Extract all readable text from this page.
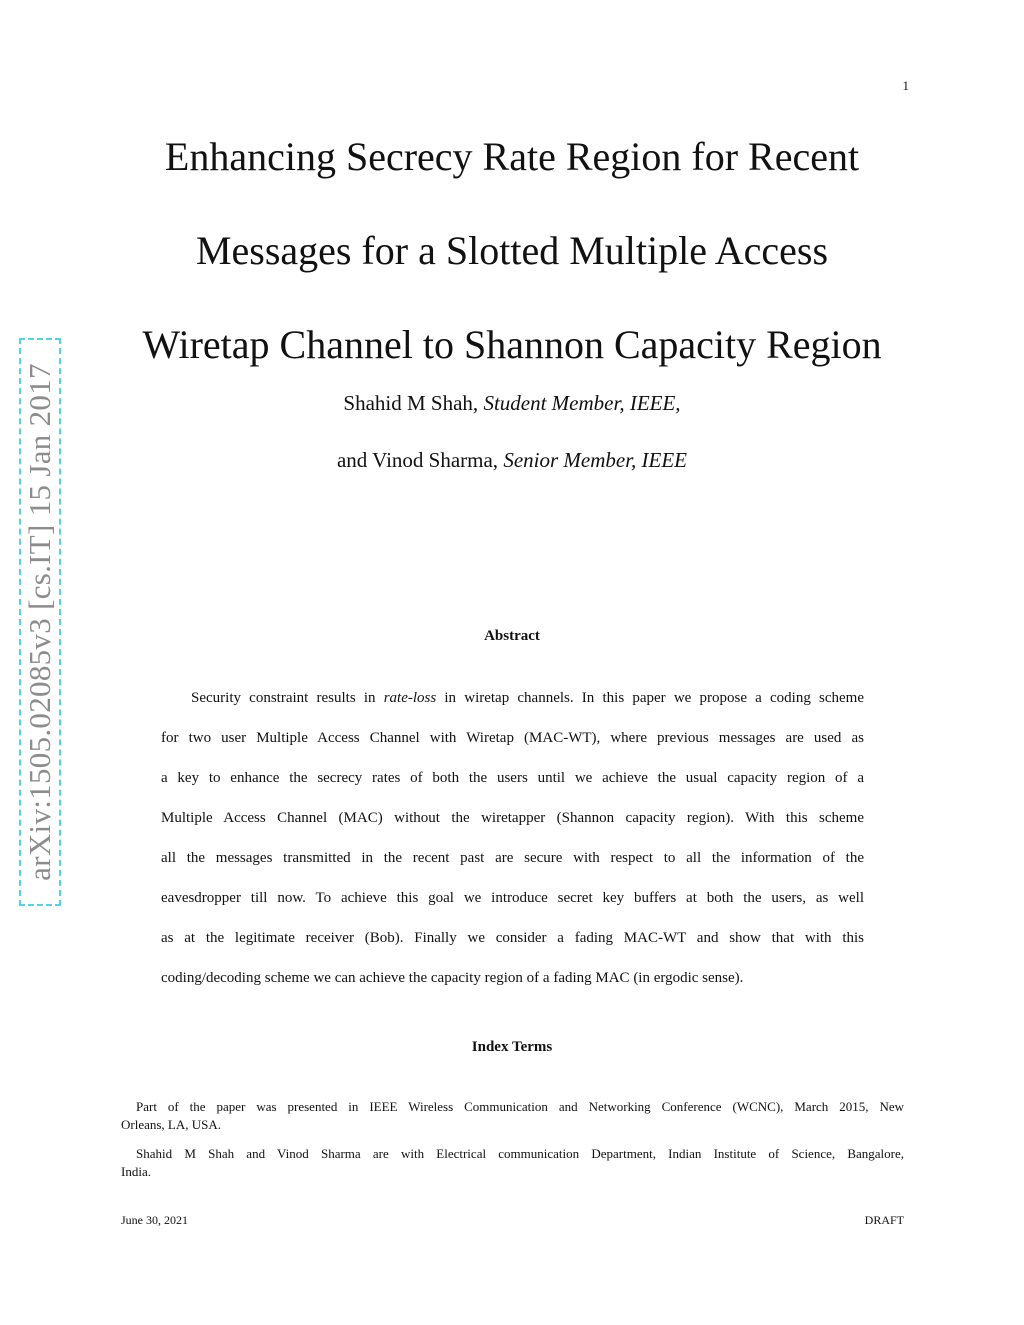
1
arXiv:1505.02085v3 [cs.IT] 15 Jan 2017
Enhancing Secrecy Rate Region for Recent
Messages for a Slotted Multiple Access
Wiretap Channel to Shannon Capacity Region
Shahid M Shah, Student Member, IEEE,
and Vinod Sharma, Senior Member, IEEE
Abstract
Security constraint results in rate-loss in wiretap channels. In this paper we propose a coding scheme
for two user Multiple Access Channel with Wiretap (MAC-WT), where previous messages are used as
a key to enhance the secrecy rates of both the users until we achieve the usual capacity region of a
Multiple Access Channel (MAC) without the wiretapper (Shannon capacity region). With this scheme
all the messages transmitted in the recent past are secure with respect to all the information of the
eavesdropper till now. To achieve this goal we introduce secret key buffers at both the users, as well
as at the legitimate receiver (Bob). Finally we consider a fading MAC-WT and show that with this
coding/decoding scheme we can achieve the capacity region of a fading MAC (in ergodic sense).
Index Terms
Part of the paper was presented in IEEE Wireless Communication and Networking Conference (WCNC), March 2015, New
Orleans, LA, USA.
Shahid M Shah and Vinod Sharma are with Electrical communication Department, Indian Institute of Science, Bangalore,
India.
June 30, 2021	DRAFT
